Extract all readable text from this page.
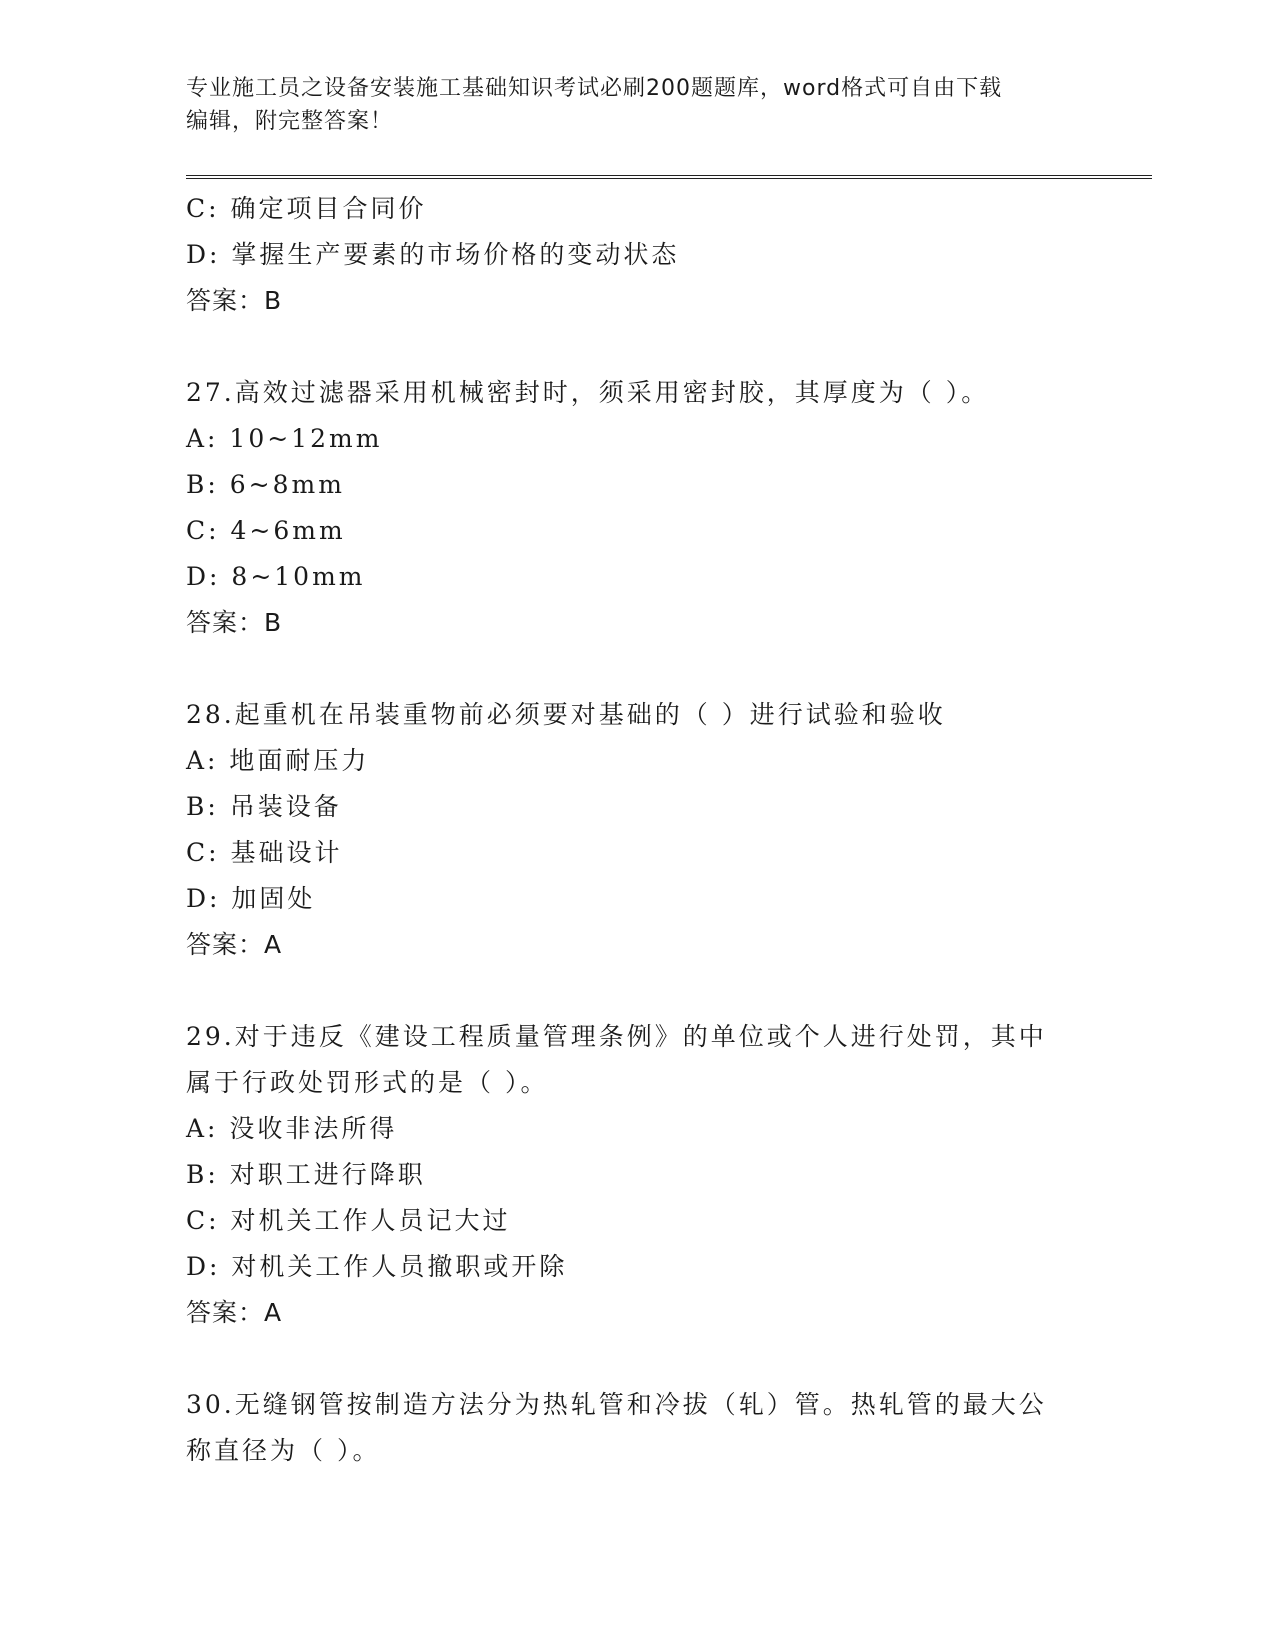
专业施工员之设备安装施工基础知识考试必刷200题题库，word格式可自由下载
编辑，附完整答案！
C: 确定项目合同价
D: 掌握生产要素的市场价格的变动状态
答案：B
27.高效过滤器采用机械密封时，须采用密封胶，其厚度为（ ）。
A: 10~12mm
B: 6~8mm
C: 4~6mm
D: 8~10mm
答案：B
28.起重机在吊装重物前必须要对基础的（ ）进行试验和验收
A: 地面耐压力
B: 吊装设备
C: 基础设计
D: 加固处
答案：A
29.对于违反《建设工程质量管理条例》的单位或个人进行处罚，其中
属于行政处罚形式的是（ ）。
A: 没收非法所得
B: 对职工进行降职
C: 对机关工作人员记大过
D: 对机关工作人员撤职或开除
答案：A
30.无缝钢管按制造方法分为热轧管和冷拔（轧）管。热轧管的最大公
称直径为（ ）。
